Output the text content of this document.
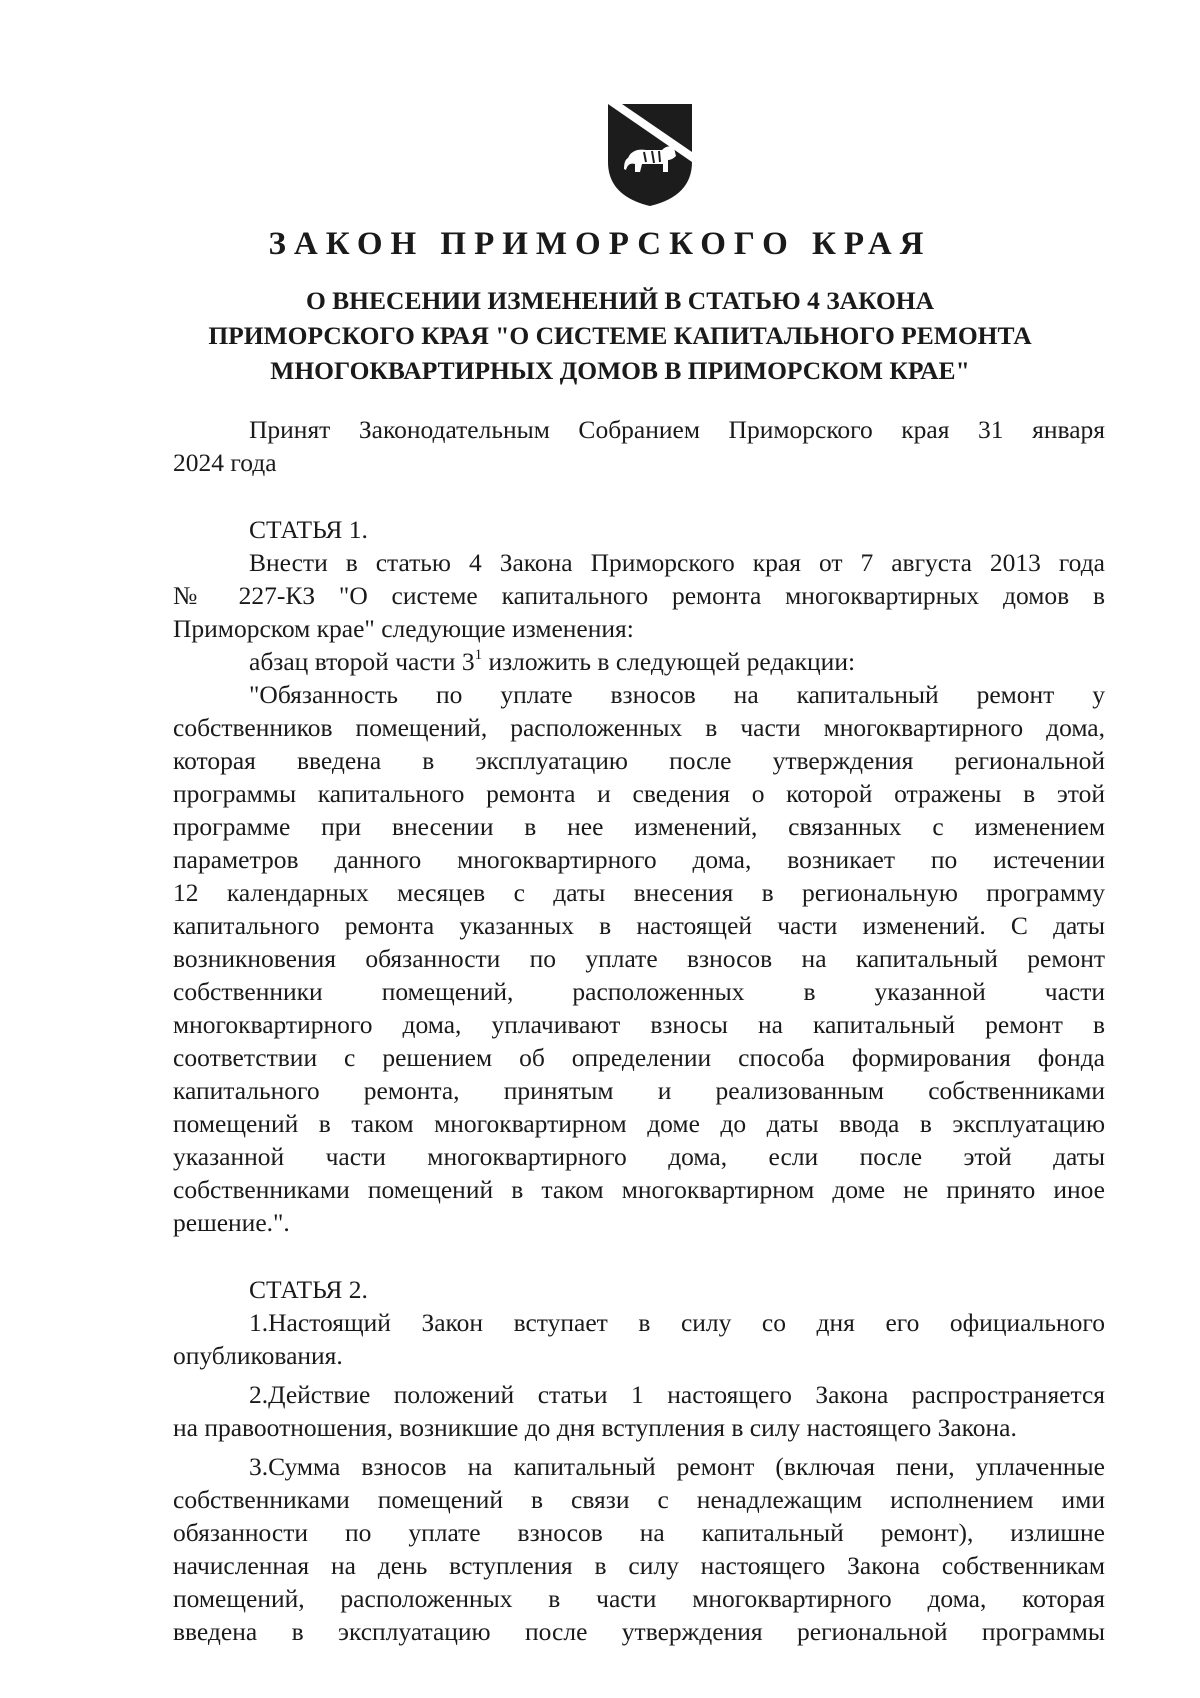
ЗАКОН ПРИМОРСКОГО КРАЯ
О ВНЕСЕНИИ ИЗМЕНЕНИЙ В СТАТЬЮ 4 ЗАКОНА
ПРИМОРСКОГО КРАЯ "О СИСТЕМЕ КАПИТАЛЬНОГО РЕМОНТА
МНОГОКВАРТИРНЫХ ДОМОВ В ПРИМОРСКОМ КРАЕ"

Принят Законодательным Собранием Приморского края 31 января
2024 года

СТАТЬЯ 1.

Внести в статью 4 Закона Приморского края от 7 августа 2013 года
№ 227-КЗ "О системе капитального ремонта многоквартирных домов в
Приморском крае" следующие изменения:

абзац второй части $3^1$ изложить в следующей редакции:

"Обязанность по уплате взносов на капитальный ремонт у
собственников помещений, расположенных в части многоквартирного дома,
которая введена в эксплуатацию после утверждения региональной
программы капитального ремонта и сведения о которой отражены в этой
программе при внесении в нее изменений, связанных с изменением
параметров данного многоквартирного дома, возникает по истечении
12 календарных месяцев с даты внесения в региональную программу
капитального ремонта указанных в настоящей части изменений. С даты
возникновения обязанности по уплате взносов на капитальный ремонт
собственники помещений, расположенных в указанной части
многоквартирного дома, уплачивают взносы на капитальный ремонт в
соответствии с решением об определении способа формирования фонда
капитального ремонта, принятым и реализованным собственниками
помещений в таком многоквартирном доме до даты ввода в эксплуатацию
указанной части многоквартирного дома, если после этой даты
собственниками помещений в таком многоквартирном доме не принято иное
решение.".

СТАТЬЯ 2.

1.Настоящий Закон вступает в силу со дня его официального
опубликования.

2.Действие положений статьи 1 настоящего Закона распространяется
на правоотношения, возникшие до дня вступления в силу настоящего Закона.

3.Сумма взносов на капитальный ремонт (включая пени, уплаченные
собственниками помещений в связи с ненадлежащим исполнением ими
обязанности по уплате взносов на капитальный ремонт), излишне
начисленная на день вступления в силу настоящего Закона собственникам
помещений, расположенных в части многоквартирного дома, которая
введена в эксплуатацию после утверждения региональной программы
